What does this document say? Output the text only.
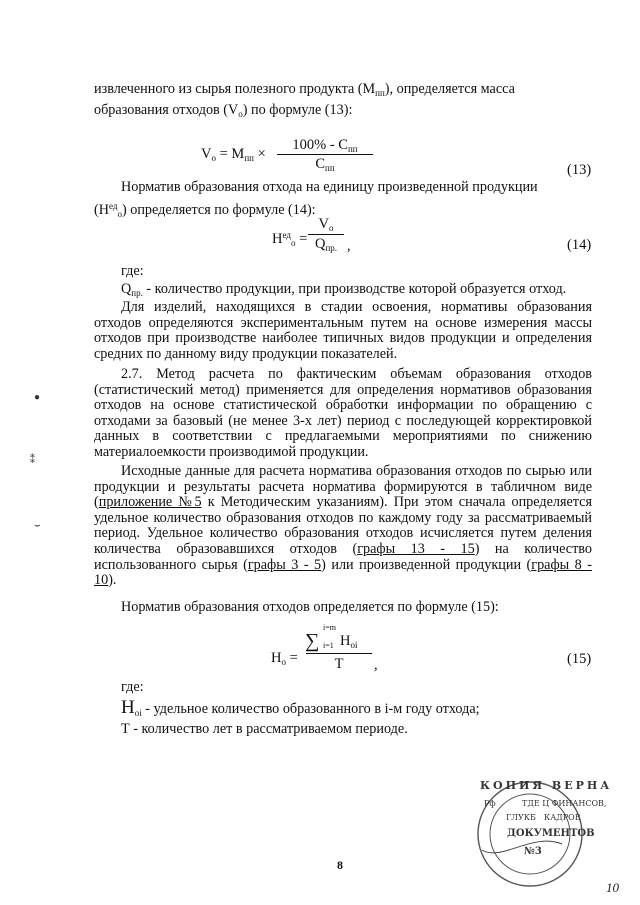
извлеченного из сырья полезного продукта $(М_{пп})$, определяется масса
образования отходов $(V_о)$ по формуле (13):
$V_о = М_{пп}$ ×
$100\% - С_{пп}$
$С_{пп}$	(13)
Норматив образования отхода на единицу произведенной продукции
$(Н^{ед}_о)$ определяется по формуле (14):
$Н^{ед}_о$ =
$V_о$
$Q_{пр.}$ ,	(14)
где:
$Q_{пр.}$ - количество продукции, при производстве которой образуется отход.

Для изделий, находящихся в стадии освоения, нормативы образования отходов определяются экспериментальным путем на основе измерения массы отходов при производстве наиболее типичных видов продукции и определения средних по данному виду продукции показателей.

2.7. Метод расчета по фактическим объемам образования отходов (статистический метод) применяется для определения нормативов образования отходов на основе статистической обработки информации по обращению с отходами за базовый (не менее 3-х лет) период с последующей корректировкой данных в соответствии с предлагаемыми мероприятиями по снижению материалоемкости производимой продукции.

Исходные данные для расчета норматива образования отходов по сырью или продукции и результаты расчета норматива формируются в табличном виде (приложение №5 к Методическим указаниям). При этом сначала определяется удельное количество образования отходов по каждому году за рассматриваемый период. Удельное количество образования отходов исчисляется путем деления количества образовавшихся отходов (графы 13 - 15) на количество использованного сырья (графы 3 - 5) или произведенной продукции (графы 8 - 10).

Норматив образования отходов определяется по формуле (15):
$Н_о$ =
∑
i=m
i=1 $Н_{oi}$
Т	,	(15)
где:
$Н_{oi}$ - удельное количество образованного в i-м году отхода;
Т - количество лет в рассматриваемом периоде.
●
⁑
⌣
8
КОПИЯ ВЕРНА
Рф	ТДЕ Ц ФИНАНСОВ,
ГЛУКБ КАДРОВ
ДОКУМЕНТОВ
№3
10
